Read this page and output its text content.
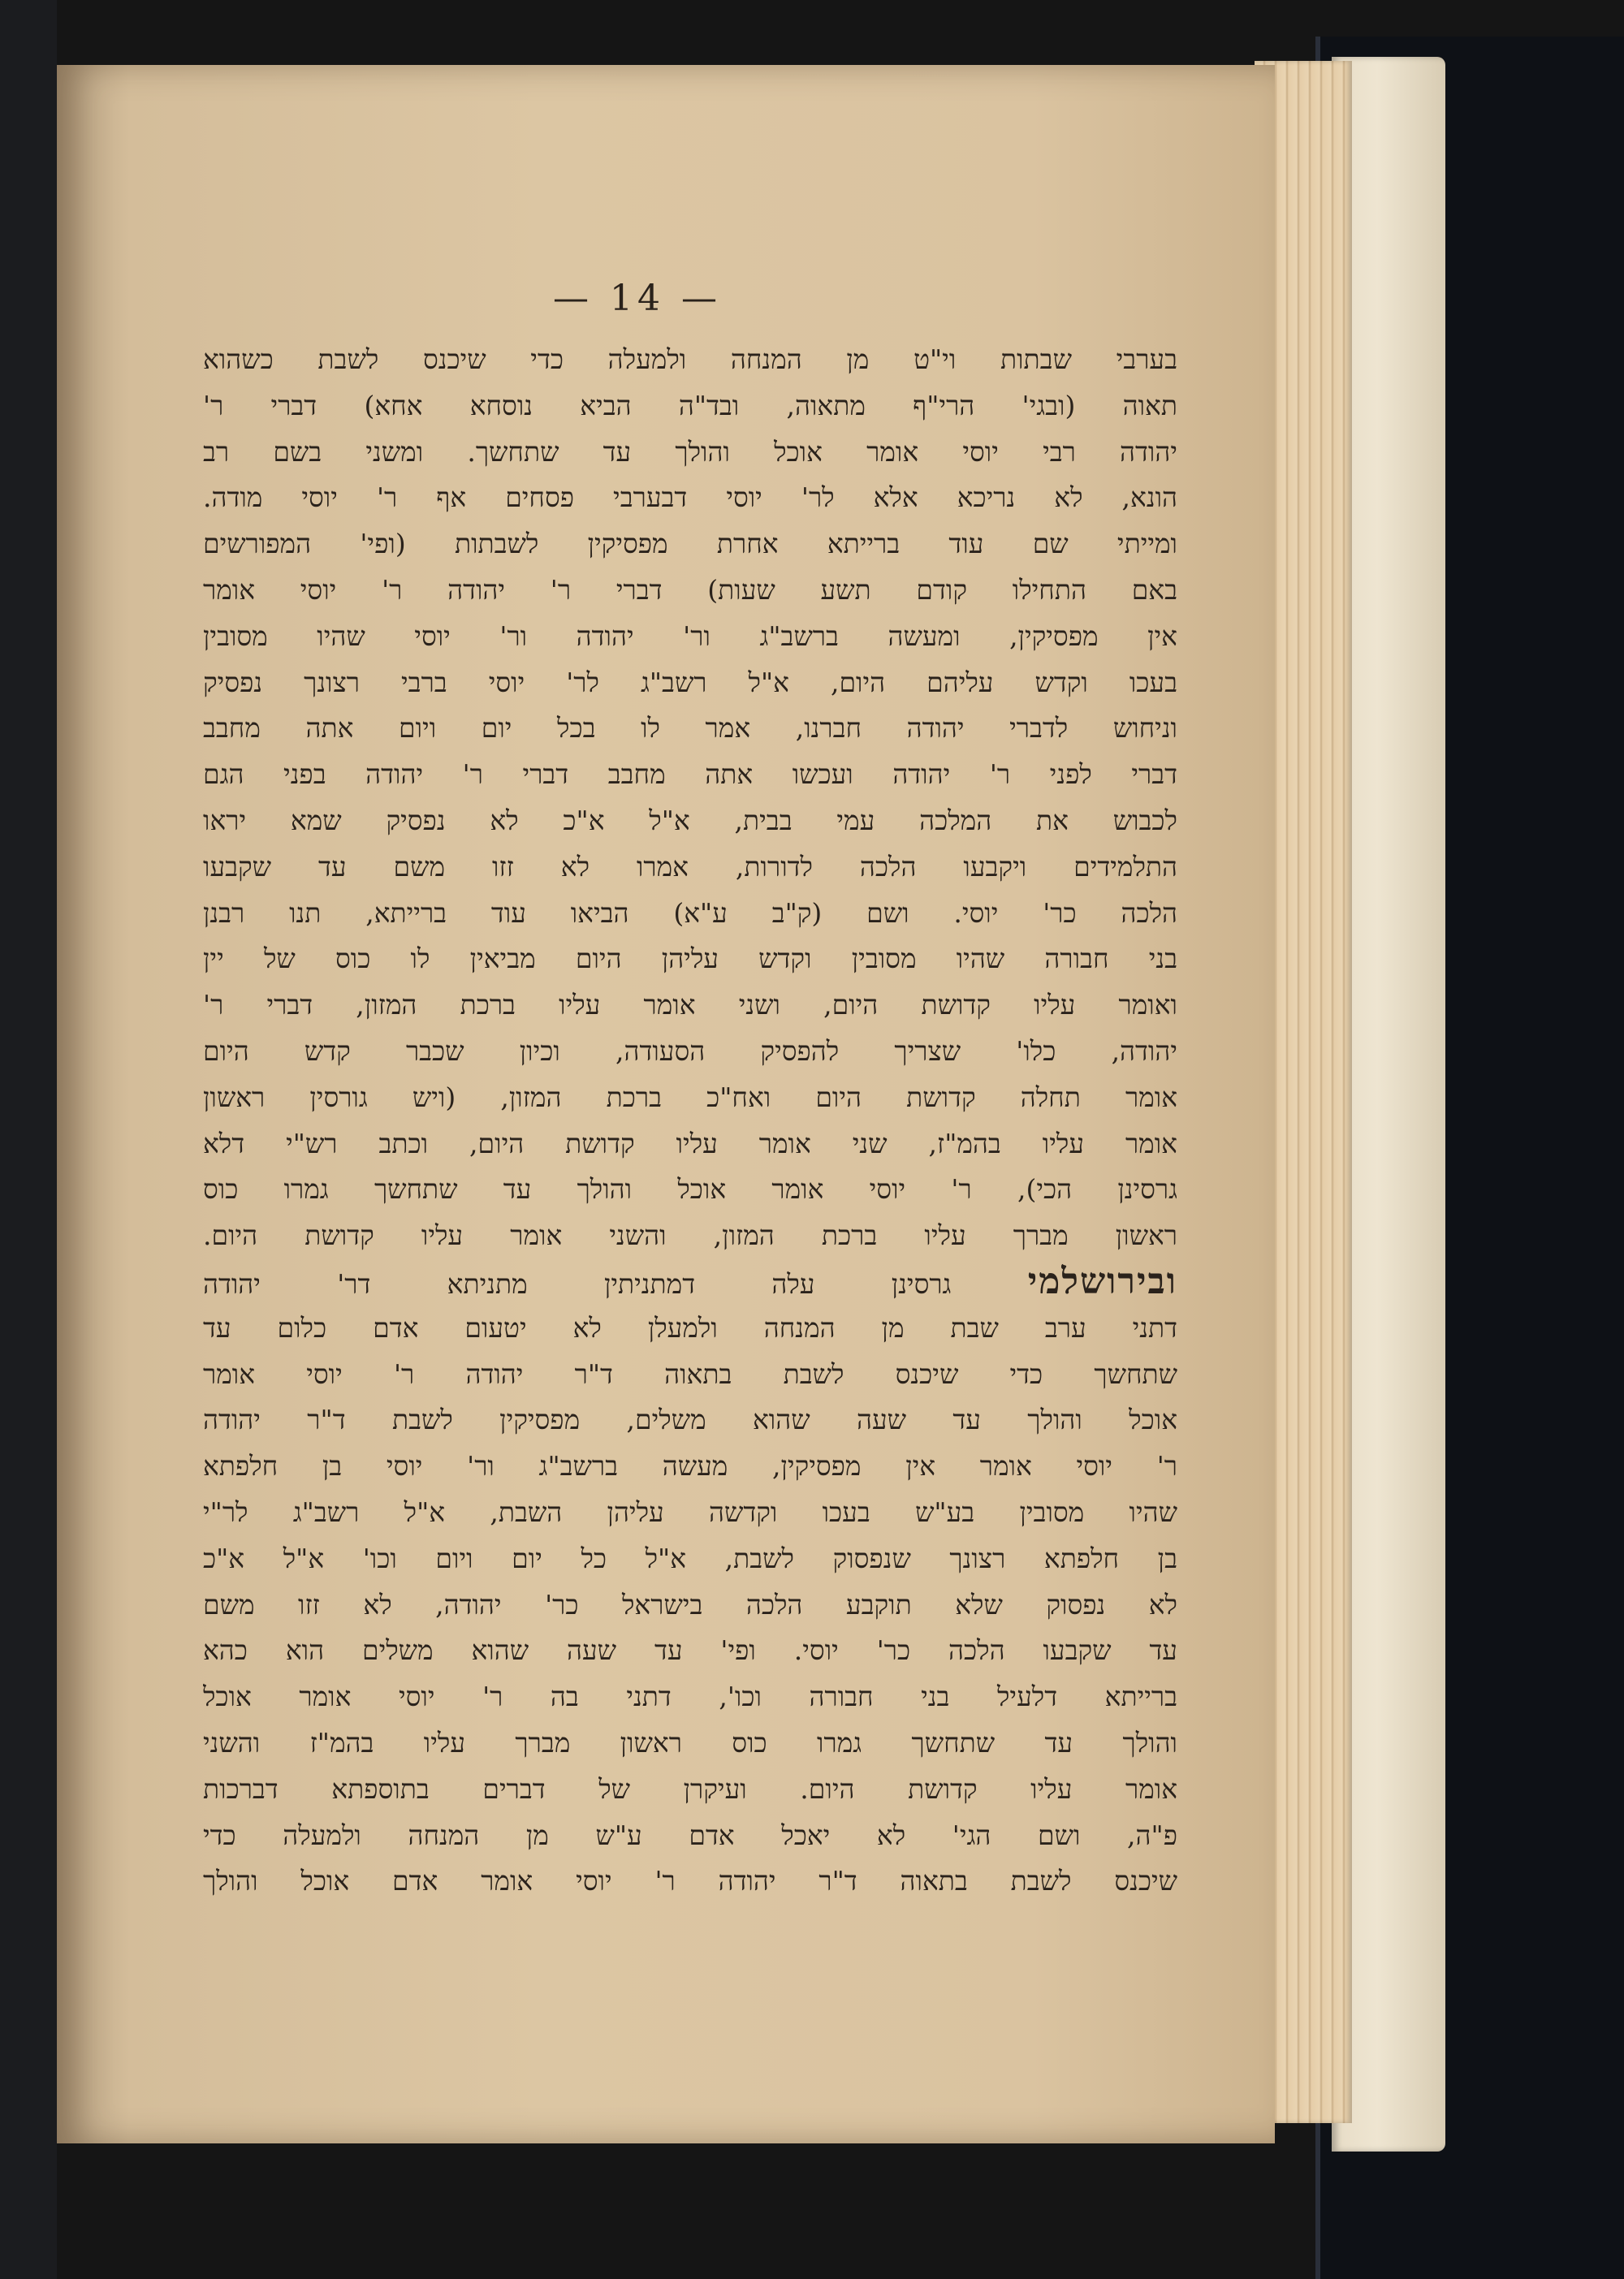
— 14 —
בערבי שבתות וי"ט מן המנחה ולמעלה כדי שיכנס לשבת כשהוא
תאוה (ובגי' הרי"ף מתאוה, ובד"ה הביא נוסחא אחא) דברי ר'
יהודה רבי יוסי אומר אוכל והולך עד שתחשך. ומשני בשם רב
הונא, לא נריכא אלא לר' יוסי דבערבי פסחים אף ר' יוסי מודה.
ומייתי שם עוד ברייתא אחרת מפסיקין לשבתות (ופי' המפורשים
באם התחילו קודם תשע שעות) דברי ר' יהודה ר' יוסי אומר
אין מפסיקין, ומעשה ברשב"ג ור' יהודה ור' יוסי שהיו מסובין
בעכו וקדש עליהם היום, א"ל רשב"ג לר' יוסי ברבי רצונך נפסיק
וניחוש לדברי יהודה חברנו, אמר לו בכל יום ויום אתה מחבב
דברי לפני ר' יהודה ועכשו אתה מחבב דברי ר' יהודה בפני הגם
לכבוש את המלכה עמי בבית, א"ל א"כ לא נפסיק שמא יראו
התלמידים ויקבעו הלכה לדורות, אמרו לא זזו משם עד שקבעו
הלכה כר' יוסי. ושם (ק"ב ע"א) הביאו עוד ברייתא, תנו רבנן
בני חבורה שהיו מסובין וקדש עליהן היום מביאין לו כוס של יין
ואומר עליו קדושת היום, ושני אומר עליו ברכת המזון, דברי ר'
יהודה, כלו' שצריך להפסיק הסעודה, וכיון שכבר קדש היום
אומר תחלה קדושת היום ואח"כ ברכת המזון, (ויש גורסין ראשון
אומר עליו בהמ"ז, שני אומר עליו קדושת היום, וכתב רש"י דלא
גרסינן הכי), ר' יוסי אומר אוכל והולך עד שתחשך גמרו כוס
ראשון מברך עליו ברכת המזון, והשני אומר עליו קדושת היום.
ובירושלמי גרסינן עלה דמתניתין מתניתא דר' יהודה
דתני ערב שבת מן המנחה ולמעלן לא יטעום אדם כלום עד
שתחשך כדי שיכנס לשבת בתאוה ד"ר יהודה ר' יוסי אומר
אוכל והולך עד שעה שהוא משלים, מפסיקין לשבת ד"ר יהודה
ר' יוסי אומר אין מפסיקין, מעשה ברשב"ג ור' יוסי בן חלפתא
שהיו מסובין בע"ש בעכו וקדשה עליהן השבת, א"ל רשב"ג לר"י
בן חלפתא רצונך שנפסוק לשבת, א"ל כל יום ויום וכו' א"ל א"כ
לא נפסוק שלא תוקבע הלכה בישראל כר' יהודה, לא זזו משם
עד שקבעו הלכה כר' יוסי. ופי' עד שעה שהוא משלים הוא כהא
ברייתא דלעיל בני חבורה וכו', דתני בה ר' יוסי אומר אוכל
והולך עד שתחשך גמרו כוס ראשון מברך עליו בהמ"ז והשני
אומר עליו קדושת היום. ועיקרן של דברים בתוספתא דברכות
פ"ה, ושם הגי' לא יאכל אדם ע"ש מן המנחה ולמעלה כדי
שיכנס לשבת בתאוה ד"ר יהודה ר' יוסי אומר אדם אוכל והולך
